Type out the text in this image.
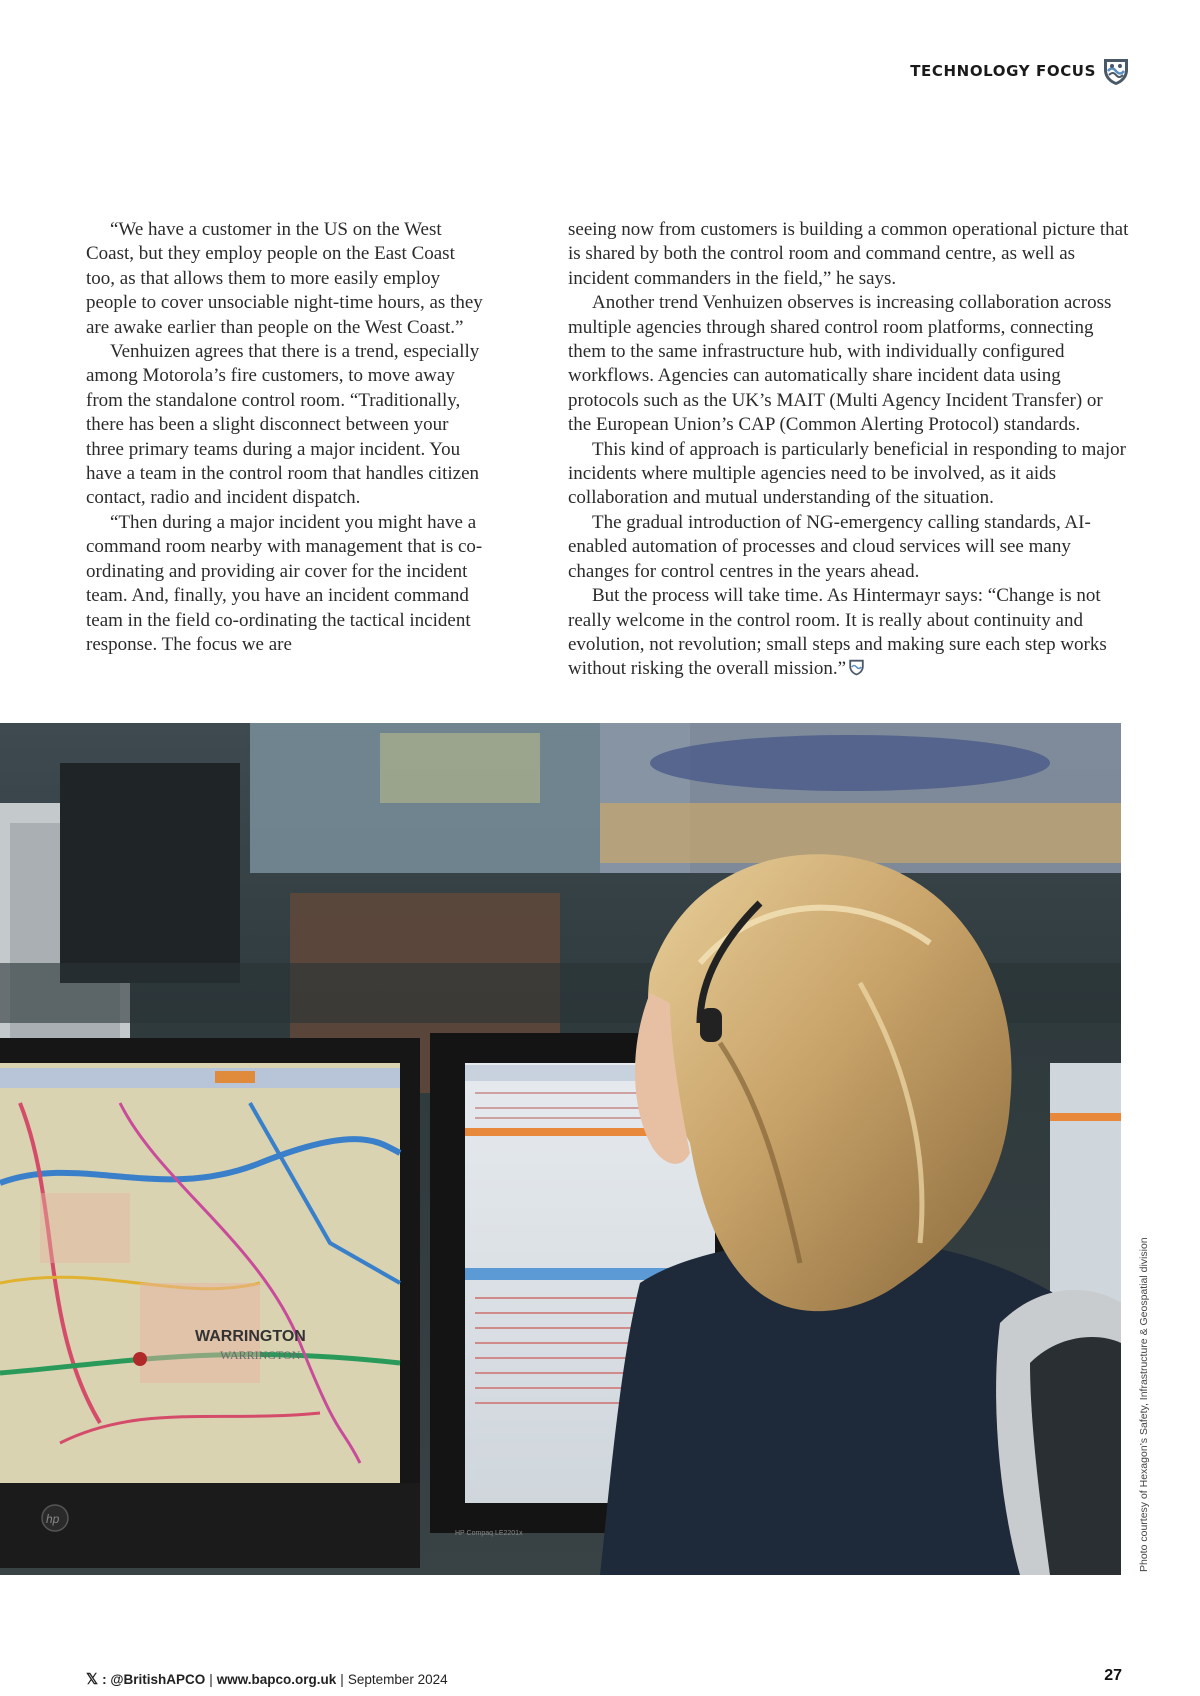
TECHNOLOGY FOCUS

“We have a customer in the US on the West Coast, but they employ people on the East Coast too, as that allows them to more easily employ people to cover unsociable night-time hours, as they are awake earlier than people on the West Coast.”

Venhuizen agrees that there is a trend, especially among Motorola’s fire customers, to move away from the standalone control room. “Traditionally, there has been a slight disconnect between your three primary teams during a major incident. You have a team in the control room that handles citizen contact, radio and incident dispatch.

“Then during a major incident you might have a command room nearby with management that is co-ordinating and providing air cover for the incident team. And, finally, you have an incident command team in the field co-ordinating the tactical incident response. The focus we are

seeing now from customers is building a common operational picture that is shared by both the control room and command centre, as well as incident commanders in the field,” he says.

Another trend Venhuizen observes is increasing collaboration across multiple agencies through shared control room platforms, connecting them to the same infrastructure hub, with individually configured workflows. Agencies can automatically share incident data using protocols such as the UK’s MAIT (Multi Agency Incident Transfer) or the European Union’s CAP (Common Alerting Protocol) standards.

This kind of approach is particularly beneficial in responding to major incidents where multiple agencies need to be involved, as it aids collaboration and mutual understanding of the situation.

The gradual introduction of NG-emergency calling standards, AI-enabled automation of processes and cloud services will see many changes for control centres in the years ahead.

But the process will take time. As Hintermayr says: “Change is not really welcome in the control room. It is really about continuity and evolution, not revolution; small steps and making sure each step works without risking the overall mission.”

WARRINGTON
WARRINGTON
hp
HP Compaq LE2201x	Photo courtesy of Hexagon’s Safety, Infrastructure & Geospatial division
𝕏 : @BritishAPCO | www.bapco.org.uk | September 2024	27
